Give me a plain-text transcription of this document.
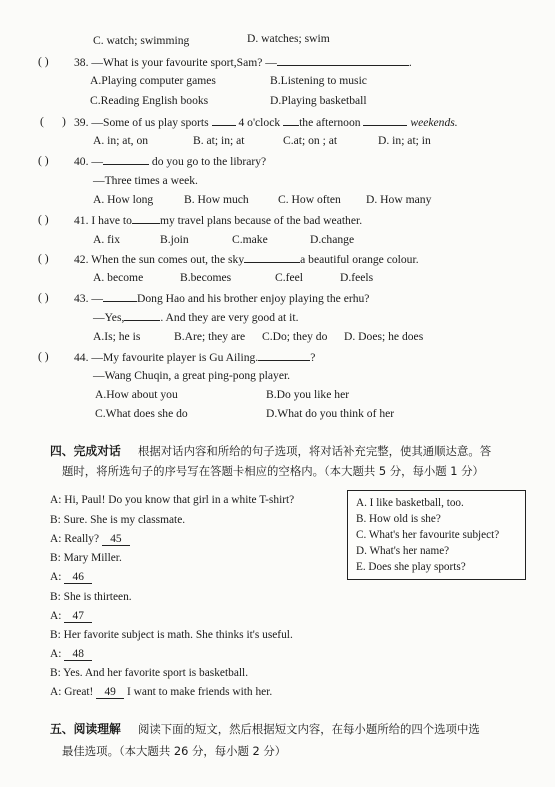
C. watch; swimming	D. watches; swim
( ) 38. —What is your favourite sport,Sam? —	.
A.Playing computer games	B.Listening to music
C.Reading English books	D.Playing basketball
( ) 39. —Some of us play sports	4 o'clock the afternoon	weekends.
A. in; at, on	B. at; in; at	C.at; on ; at	D. in; at; in
( ) 40. —	do you go to the library?
—Three times a week.
A. How long	B. How much	C. How often D. How many
( ) 41. I have to my travel plans because of the bad weather.
A. fix	B.join	C.make	D.change
( ) 42. When the sun comes out, the sky	a beautiful orange colour.
A. become	B.becomes	C.feel	D.feels
( ) 43. —	Dong Hao and his brother enjoy playing the erhu?
—Yes,	. And they are very good at it.
A.Is; he is	B.Are; they are C.Do; they do D. Does; he does
( ) 44. —My favourite player is Gu Ailing.	?
—Wang Chuqin, a great ping-pong player.
A.How about you	B.Do you like her
C.What does she do	D.What do you think of her
四、完成对话 根据对话内容和所给的句子选项，将对话补充完整，使其通顺达意。答
题时，将所选句子的序号写在答题卡相应的空格内。（本大题共 5 分，每小题 1 分）
A: Hi, Paul! Do you know that girl in a white T-shirt?
B: Sure. She is my classmate.
A: Really? 45
B: Mary Miller.
A: 46
B: She is thirteen.
A: 47
B: Her favorite subject is math. She thinks it's useful.
A: 48
B: Yes. And her favorite sport is basketball.
A: Great! 49 I want to make friends with her.
A. I like basketball, too.
B. How old is she?
C. What's her favourite subject?
D. What's her name?
E. Does she play sports?
五、阅读理解 阅读下面的短文，然后根据短文内容，在每小题所给的四个选项中选
最佳选项。（本大题共 26 分，每小题 2 分）
